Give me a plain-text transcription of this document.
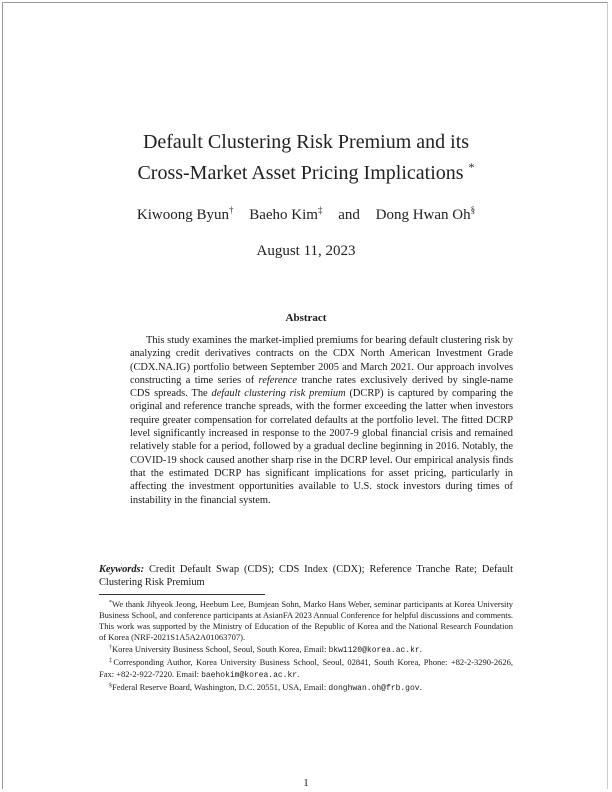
Default Clustering Risk Premium and its
Cross-Market Asset Pricing Implications *
Kiwoong Byun† Baeho Kim‡ and Dong Hwan Oh§
August 11, 2023
Abstract
This study examines the market-implied premiums for bearing default clustering risk by analyzing credit derivatives contracts on the CDX North American Investment Grade (CDX.NA.IG) portfolio between September 2005 and March 2021. Our approach involves constructing a time series of reference tranche rates exclusively derived by single-name CDS spreads. The default clustering risk premium (DCRP) is captured by comparing the original and reference tranche spreads, with the former exceeding the latter when investors require greater compensation for correlated defaults at the portfolio level. The fitted DCRP level significantly increased in response to the 2007-9 global financial crisis and remained relatively stable for a period, followed by a gradual decline beginning in 2016. Notably, the COVID-19 shock caused another sharp rise in the DCRP level. Our empirical analysis finds that the estimated DCRP has significant implications for asset pricing, particularly in affecting the investment opportunities available to U.S. stock investors during times of instability in the financial system.
Keywords: Credit Default Swap (CDS); CDS Index (CDX); Reference Tranche Rate; Default Clustering Risk Premium

*We thank Jihyeok Jeong, Heebum Lee, Bumjean Sohn, Marko Hans Weber, seminar participants at Korea University Business School, and conference participants at AsianFA 2023 Annual Conference for helpful discussions and comments. This work was supported by the Ministry of Education of the Republic of Korea and the National Research Foundation of Korea (NRF-2021S1A5A2A01063707).

†Korea University Business School, Seoul, South Korea, Email: bkw1120@korea.ac.kr.

‡Corresponding Author, Korea University Business School, Seoul, 02841, South Korea, Phone: +82-2-3290-2626, Fax: +82-2-922-7220. Email: baehokim@korea.ac.kr.

§Federal Reserve Board, Washington, D.C. 20551, USA, Email: donghwan.oh@frb.gov.

1
